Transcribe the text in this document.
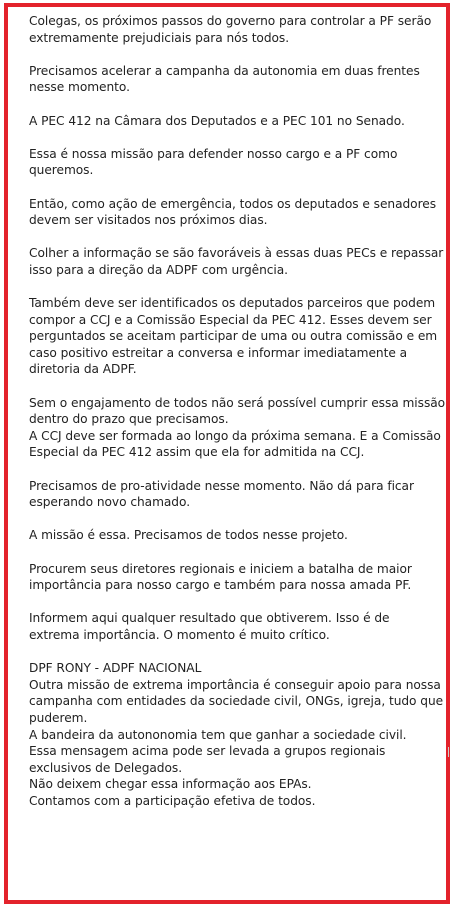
Colegas, os próximos passos do governo para controlar a PF serão
extremamente prejudiciais para nós todos.
Precisamos acelerar a campanha da autonomia em duas frentes
nesse momento.
A PEC 412 na Câmara dos Deputados e a PEC 101 no Senado.
Essa é nossa missão para defender nosso cargo e a PF como
queremos.
Então, como ação de emergência, todos os deputados e senadores
devem ser visitados nos próximos dias.
Colher a informação se são favoráveis à essas duas PECs e repassar
isso para a direção da ADPF com urgência.
Também deve ser identificados os deputados parceiros que podem
compor a CCJ e a Comissão Especial da PEC 412. Esses devem ser
perguntados se aceitam participar de uma ou outra comissão e em
caso positivo estreitar a conversa e informar imediatamente a
diretoria da ADPF.
Sem o engajamento de todos não será possível cumprir essa missão
dentro do prazo que precisamos.
A CCJ deve ser formada ao longo da próxima semana. E a Comissão
Especial da PEC 412 assim que ela for admitida na CCJ.
Precisamos de pro-atividade nesse momento. Não dá para ficar
esperando novo chamado.
A missão é essa. Precisamos de todos nesse projeto.
Procurem seus diretores regionais e iniciem a batalha de maior
importância para nosso cargo e também para nossa amada PF.
Informem aqui qualquer resultado que obtiverem. Isso é de
extrema importância. O momento é muito crítico.
DPF RONY - ADPF NACIONAL
Outra missão de extrema importância é conseguir apoio para nossa
campanha com entidades da sociedade civil, ONGs, igreja, tudo que
puderem.
A bandeira da autononomia tem que ganhar a sociedade civil.
Essa mensagem acima pode ser levada a grupos regionais
exclusivos de Delegados.
Não deixem chegar essa informação aos EPAs.
Contamos com a participação efetiva de todos.
